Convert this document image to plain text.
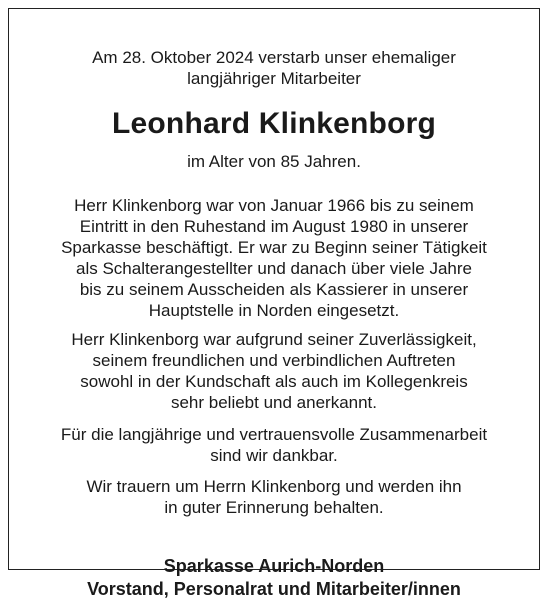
Am 28. Oktober 2024 verstarb unser ehemaliger
langjähriger Mitarbeiter

Leonhard Klinkenborg

im Alter von 85 Jahren.

Herr Klinkenborg war von Januar 1966 bis zu seinem
Eintritt in den Ruhestand im August 1980 in unserer
Sparkasse beschäftigt. Er war zu Beginn seiner Tätigkeit
als Schalterangestellter und danach über viele Jahre
bis zu seinem Ausscheiden als Kassierer in unserer
Hauptstelle in Norden eingesetzt.

Herr Klinkenborg war aufgrund seiner Zuverlässigkeit,
seinem freundlichen und verbindlichen Auftreten
sowohl in der Kundschaft als auch im Kollegenkreis
sehr beliebt und anerkannt.

Für die langjährige und vertrauensvolle Zusammenarbeit
sind wir dankbar.

Wir trauern um Herrn Klinkenborg und werden ihn
in guter Erinnerung behalten.

Sparkasse Aurich-Norden
Vorstand, Personalrat und Mitarbeiter/innen
